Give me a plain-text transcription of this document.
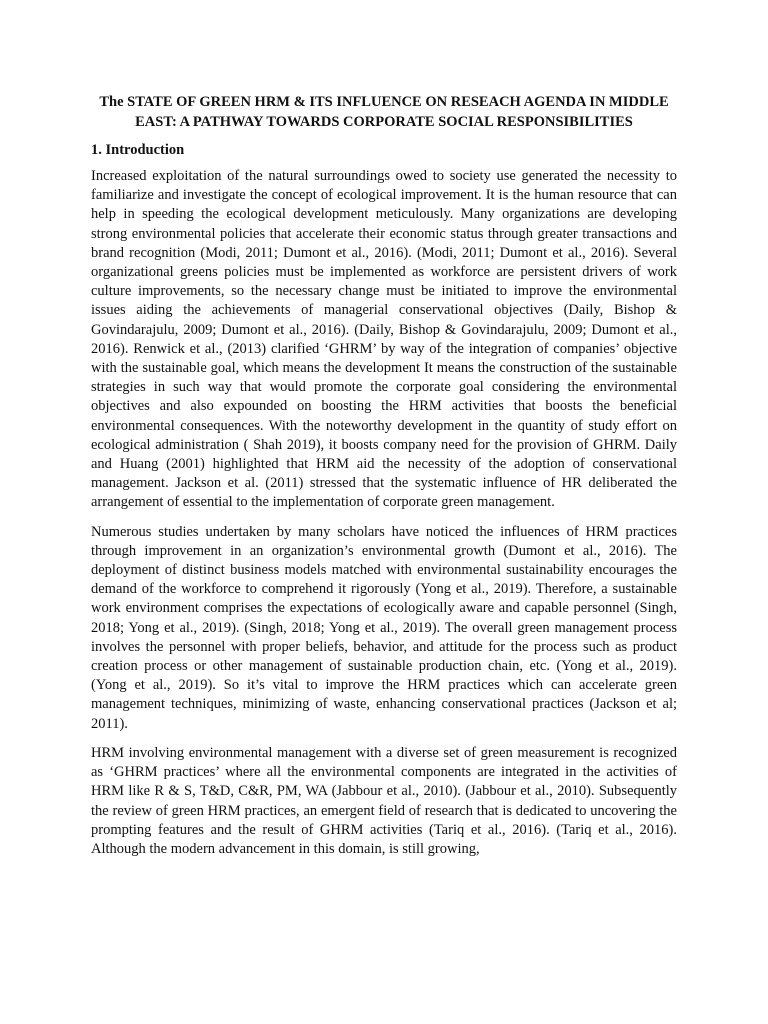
The STATE OF GREEN HRM & ITS INFLUENCE ON RESEACH AGENDA IN MIDDLE EAST: A PATHWAY TOWARDS CORPORATE SOCIAL RESPONSIBILITIES
1. Introduction

Increased exploitation of the natural surroundings owed to society use generated the necessity to familiarize and investigate the concept of ecological improvement. It is the human resource that can help in speeding the ecological development meticulously. Many organizations are developing strong environmental policies that accelerate their economic status through greater transactions and brand recognition (Modi, 2011; Dumont et al., 2016). (Modi, 2011; Dumont et al., 2016). Several organizational greens policies must be implemented as workforce are persistent drivers of work culture improvements, so the necessary change must be initiated to improve the environmental issues aiding the achievements of managerial conservational objectives (Daily, Bishop & Govindarajulu, 2009; Dumont et al., 2016). (Daily, Bishop & Govindarajulu, 2009; Dumont et al., 2016). Renwick et al., (2013) clarified ‘GHRM’ by way of the integration of companies’ objective with the sustainable goal, which means the development It means the construction of the sustainable strategies in such way that would promote the corporate goal considering the environmental objectives and also expounded on boosting the HRM activities that boosts the beneficial environmental consequences. With the noteworthy development in the quantity of study effort on ecological administration ( Shah 2019), it boosts company need for the provision of GHRM. Daily and Huang (2001) highlighted that HRM aid the necessity of the adoption of conservational management. Jackson et al. (2011) stressed that the systematic influence of HR deliberated the arrangement of essential to the implementation of corporate green management.

Numerous studies undertaken by many scholars have noticed the influences of HRM practices through improvement in an organization’s environmental growth (Dumont et al., 2016). The deployment of distinct business models matched with environmental sustainability encourages the demand of the workforce to comprehend it rigorously (Yong et al., 2019). Therefore, a sustainable work environment comprises the expectations of ecologically aware and capable personnel (Singh, 2018; Yong et al., 2019). (Singh, 2018; Yong et al., 2019). The overall green management process involves the personnel with proper beliefs, behavior, and attitude for the process such as product creation process or other management of sustainable production chain, etc. (Yong et al., 2019). (Yong et al., 2019). So it’s vital to improve the HRM practices which can accelerate green management techniques, minimizing of waste, enhancing conservational practices (Jackson et al; 2011).

HRM involving environmental management with a diverse set of green measurement is recognized as ‘GHRM practices’ where all the environmental components are integrated in the activities of HRM like R & S, T&D, C&R, PM, WA (Jabbour et al., 2010). (Jabbour et al., 2010). Subsequently the review of green HRM practices, an emergent field of research that is dedicated to uncovering the prompting features and the result of GHRM activities (Tariq et al., 2016). (Tariq et al., 2016). Although the modern advancement in this domain, is still growing,
